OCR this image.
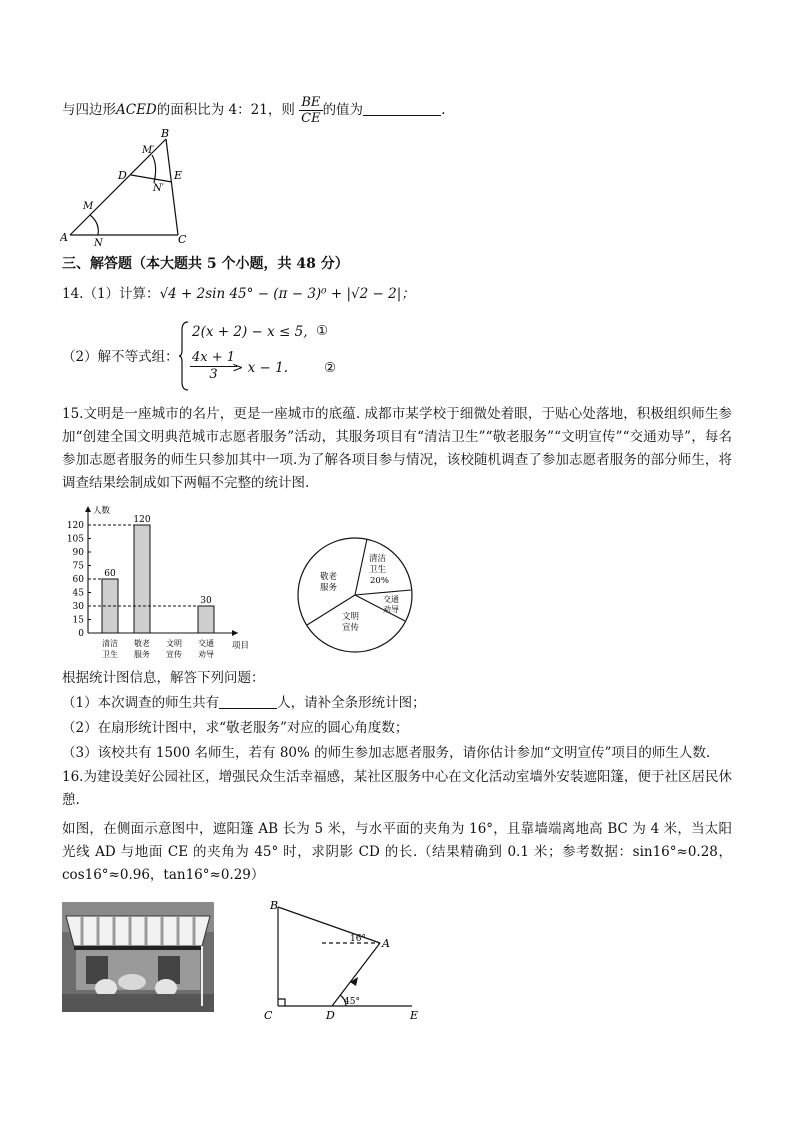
与四边形ACED的面积比为 4：21，则 $\frac{BE}{CE}$ 的值为	.
B
M′
D	E
N′
M
A	N	C
三、解答题（本大题共 5 个小题，共 48 分）
14.（1）计算：√4 + 2sin 45° − (π − 3)⁰ + |√2 − 2|；
（2）解不等式组：
2(x + 2) − x ≤ 5, ①
$\frac{4x + 1}{3}$
> x − 1.	②
15.文明是一座城市的名片，更是一座城市的底蕴. 成都市某学校于细微处着眼，于贴心处落地，积极组织师生参加“创建全国文明典范城市志愿者服务”活动，其服务项目有“清洁卫生”“敬老服务”“文明宣传”“交通劝导”，每名参加志愿者服务的师生只参加其中一项.为了解各项目参与情况，该校随机调查了参加志愿者服务的部分师生，将调查结果绘制成如下两幅不完整的统计图.
人数
项目
0
15
30
45
60
75
90
105
120
60
清洁
卫生
120
敬老
服务
文明
宣传
30
交通
劝导
清洁
卫生
20%
交通
劝导
文明
宣传
敬老
服务
根据统计图信息，解答下列问题：
（1）本次调查的师生共有	人，请补全条形统计图；
（2）在扇形统计图中，求“敬老服务”对应的圆心角度数；
（3）该校共有 1500 名师生，若有 80% 的师生参加志愿者服务，请你估计参加“文明宣传”项目的师生人数.
16.为建设美好公园社区，增强民众生活幸福感，某社区服务中心在文化活动室墙外安装遮阳篷，便于社区居民休憩.
如图，在侧面示意图中，遮阳篷 AB 长为 5 米，与水平面的夹角为 16°，且靠墙端离地高 BC 为 4 米，当太阳光线 AD 与地面 CE 的夹角为 45° 时，求阴影 CD 的长.（结果精确到 0.1 米；参考数据：sin16°≈0.28，cos16°≈0.96，tan16°≈0.29）
B
A
C	D	E
16°
45°
